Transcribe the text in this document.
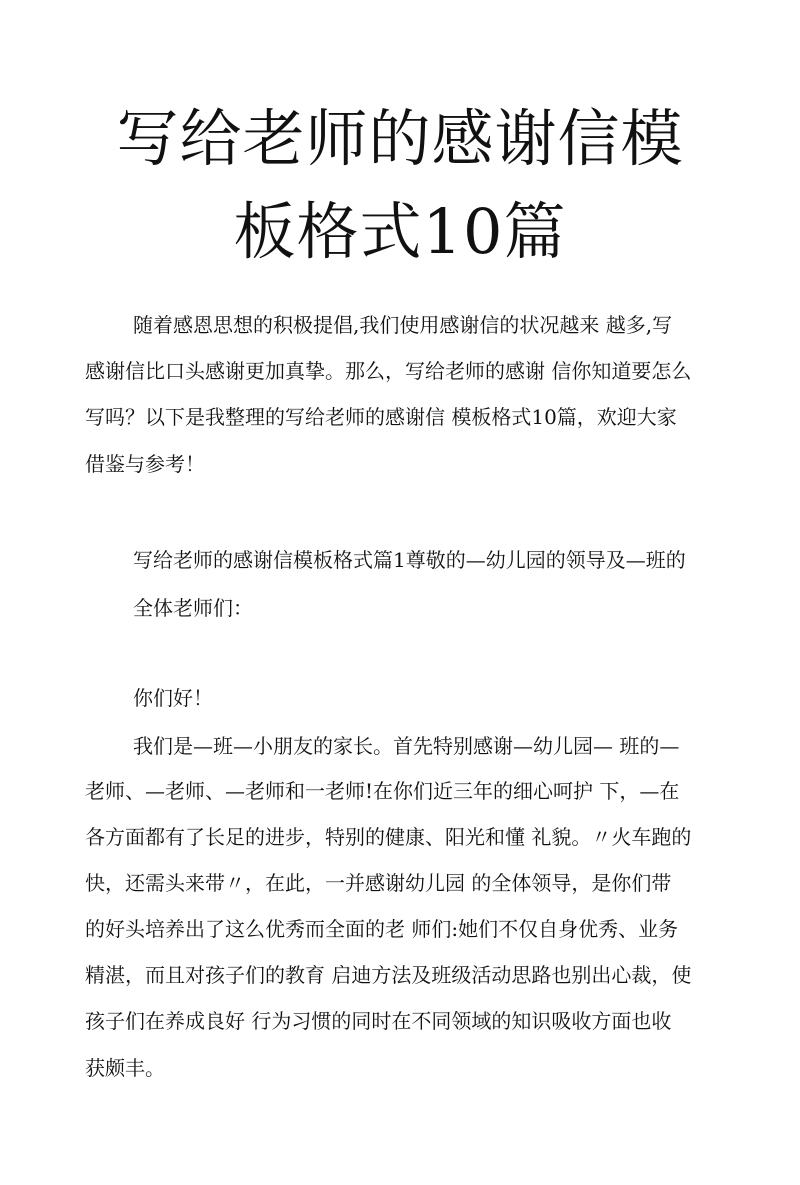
写给老师的感谢信模
板格式10篇

随着感恩思想的积极提倡,我们使用感谢信的状况越来 越多,写

感谢信比口头感谢更加真挚。那么，写给老师的感谢 信你知道要怎么

写吗？以下是我整理的写给老师的感谢信 模板格式10篇，欢迎大家

借鉴与参考！

写给老师的感谢信模板格式篇1尊敬的—幼儿园的领导及—班的

全体老师们：

你们好！

我们是—班—小朋友的家长。首先特别感谢—幼儿园— 班的—

老师、—老师、—老师和一老师!在你们近三年的细心呵护 下，—在

各方面都有了长足的进步，特别的健康、阳光和懂 礼貌。〃火车跑的

快，还需头来带〃，在此，一并感谢幼儿园 的全体领导，是你们带

的好头培养出了这么优秀而全面的老 师们:她们不仅自身优秀、业务

精湛，而且对孩子们的教育 启迪方法及班级活动思路也别出心裁，使

孩子们在养成良好 行为习惯的同时在不同领域的知识吸收方面也收

获颇丰。
